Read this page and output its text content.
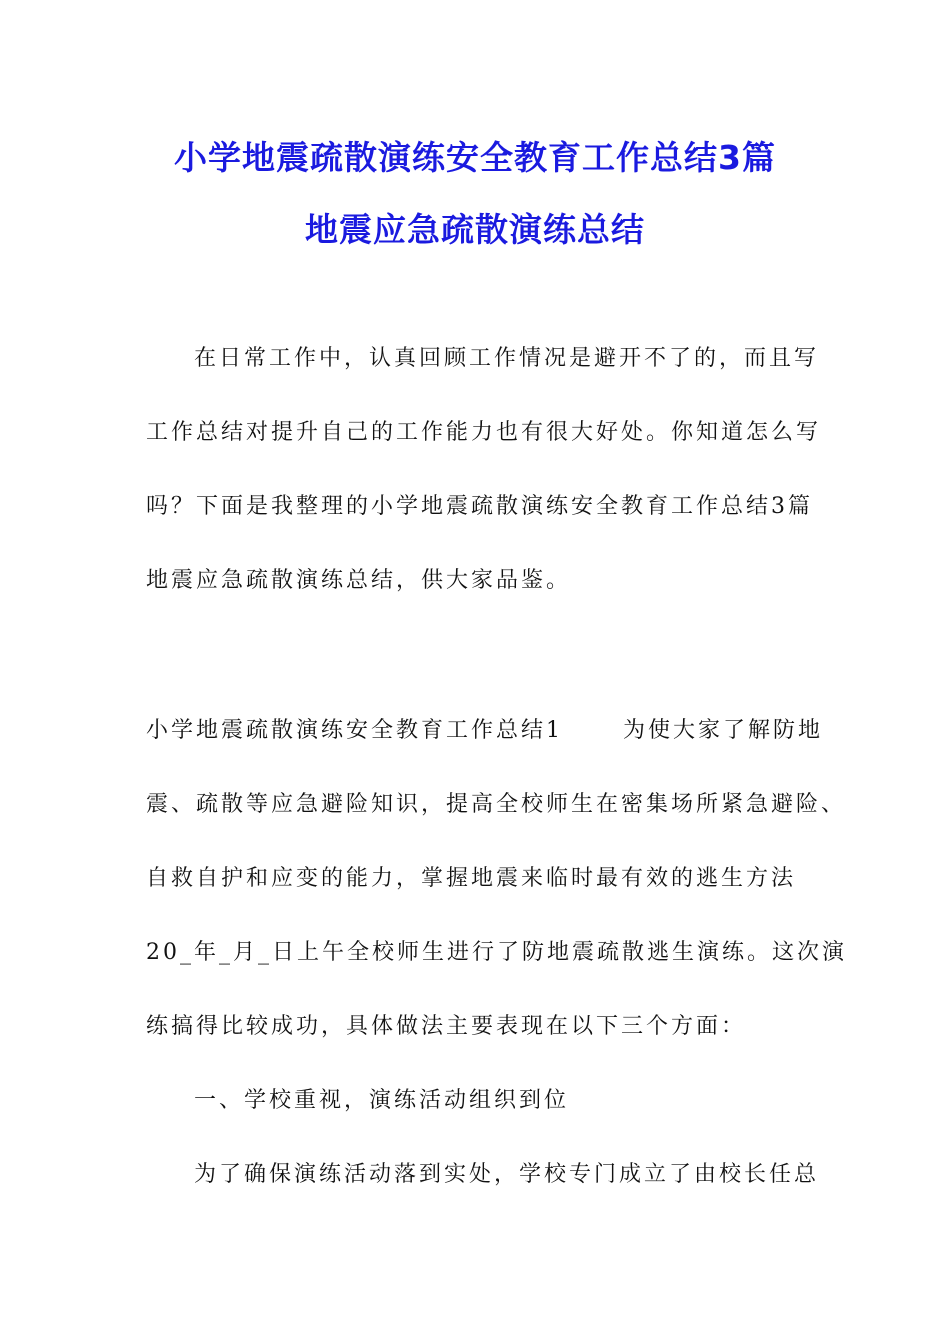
小学地震疏散演练安全教育工作总结3篇
地震应急疏散演练总结
在日常工作中，认真回顾工作情况是避开不了的，而且写
工作总结对提升自己的工作能力也有很大好处。你知道怎么写
吗？下面是我整理的小学地震疏散演练安全教育工作总结3篇
地震应急疏散演练总结，供大家品鉴。
小学地震疏散演练安全教育工作总结1	为使大家了解防地
震、疏散等应急避险知识，提高全校师生在密集场所紧急避险、
自救自护和应变的能力，掌握地震来临时最有效的逃生方法
20_年_月_日上午全校师生进行了防地震疏散逃生演练。这次演
练搞得比较成功，具体做法主要表现在以下三个方面：
一、学校重视，演练活动组织到位
为了确保演练活动落到实处，学校专门成立了由校长任总
